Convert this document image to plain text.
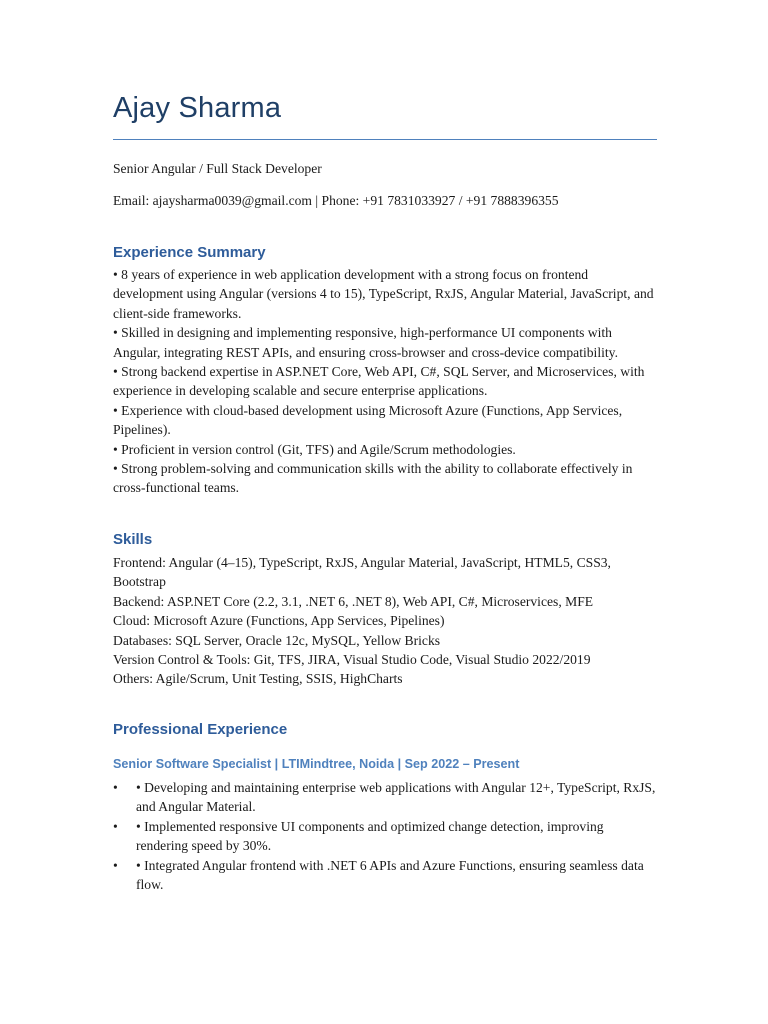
Ajay Sharma
Senior Angular / Full Stack Developer
Email: ajaysharma0039@gmail.com | Phone: +91 7831033927 / +91 7888396355
Experience Summary

• 8 years of experience in web application development with a strong focus on frontend development using Angular (versions 4 to 15), TypeScript, RxJS, Angular Material, JavaScript, and client-side frameworks.

• Skilled in designing and implementing responsive, high-performance UI components with Angular, integrating REST APIs, and ensuring cross-browser and cross-device compatibility.

• Strong backend expertise in ASP.NET Core, Web API, C#, SQL Server, and Microservices, with experience in developing scalable and secure enterprise applications.

• Experience with cloud-based development using Microsoft Azure (Functions, App Services, Pipelines).

• Proficient in version control (Git, TFS) and Agile/Scrum methodologies.

• Strong problem-solving and communication skills with the ability to collaborate effectively in cross-functional teams.

Skills

Frontend: Angular (4–15), TypeScript, RxJS, Angular Material, JavaScript, HTML5, CSS3, Bootstrap

Backend: ASP.NET Core (2.2, 3.1, .NET 6, .NET 8), Web API, C#, Microservices, MFE

Cloud: Microsoft Azure (Functions, App Services, Pipelines)

Databases: SQL Server, Oracle 12c, MySQL, Yellow Bricks

Version Control & Tools: Git, TFS, JIRA, Visual Studio Code, Visual Studio 2022/2019

Others: Agile/Scrum, Unit Testing, SSIS, HighCharts

Professional Experience
Senior Software Specialist | LTIMindtree, Noida | Sep 2022 – Present
• • Developing and maintaining enterprise web applications with Angular 12+, TypeScript, RxJS, and Angular Material.
• • Implemented responsive UI components and optimized change detection, improving rendering speed by 30%.
• • Integrated Angular frontend with .NET 6 APIs and Azure Functions, ensuring seamless data flow.
